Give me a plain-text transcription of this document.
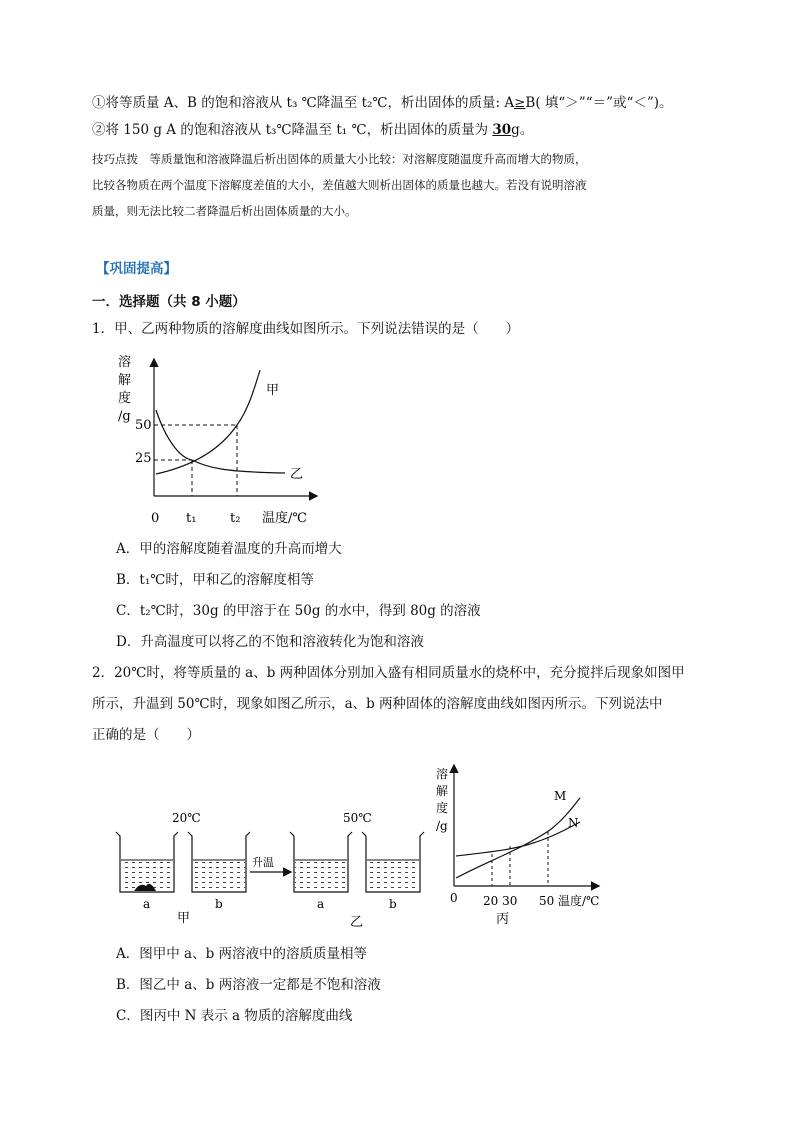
①将等质量 A、B 的饱和溶液从 t₃ ℃降温至 t₂℃，析出固体的质量: A≥B( 填“＞”“＝”或“＜”)。
②将 150 g A 的饱和溶液从 t₃℃降温至 t₁ ℃，析出固体的质量为 30g。
技巧点拨　等质量饱和溶液降温后析出固体的质量大小比较：对溶解度随温度升高而增大的物质，
比较各物质在两个温度下溶解度差值的大小，差值越大则析出固体的质量也越大。若没有说明溶液
质量，则无法比较二者降温后析出固体质量的大小。
【巩固提高】
一．选择题（共 8 小题）
1．甲、乙两种物质的溶解度曲线如图所示。下列说法错误的是（　　）
溶
解
度
/g
50
25
甲
乙
0 t₁	t₂ 温度/℃
A．甲的溶解度随着温度的升高而增大
B．t₁℃时，甲和乙的溶解度相等
C．t₂℃时，30g 的甲溶于在 50g 的水中，得到 80g 的溶液
D．升高温度可以将乙的不饱和溶液转化为饱和溶液
2．20℃时，将等质量的 a、b 两种固体分别加入盛有相同质量水的烧杯中，充分搅拌后现象如图甲
所示，升温到 50℃时，现象如图乙所示，a、b 两种固体的溶解度曲线如图丙所示。下列说法中
正确的是（　　）
20℃	50℃
升温
a	b	a	b
甲	乙
溶
解
度
/g
M
N
0 20 30 50 温度/℃
丙
A．图甲中 a、b 两溶液中的溶质质量相等
B．图乙中 a、b 两溶液一定都是不饱和溶液
C．图丙中 N 表示 a 物质的溶解度曲线
